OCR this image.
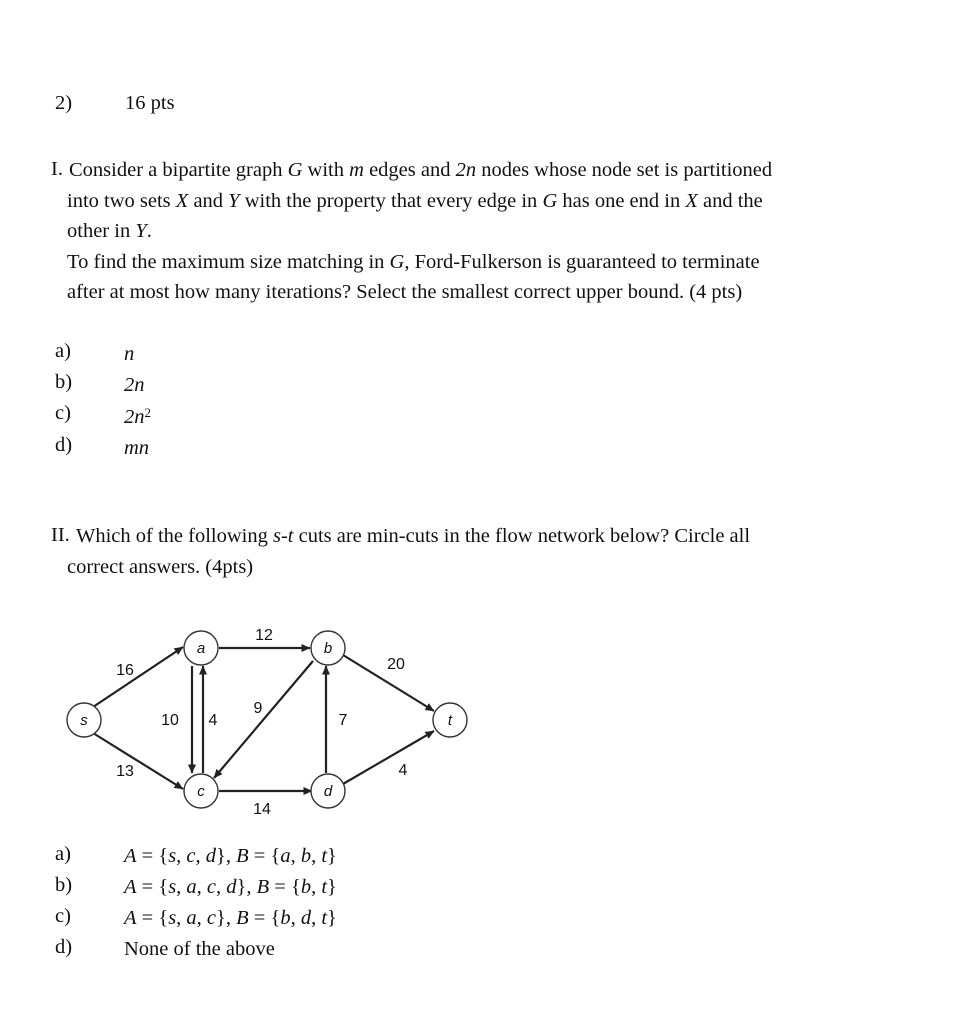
2)	16 pts
I. Consider a bipartite graph G with m edges and 2n nodes whose node set is partitioned
into two sets X and Y with the property that every edge in G has one end in X and the
other in Y.
To find the maximum size matching in G, Ford-Fulkerson is guaranteed to terminate
after at most how many iterations? Select the smallest correct upper bound. (4 pts)
a)	n
b)	2n
c)	$2n^2$
d)	mn
II. Which of the following s-t cuts are min-cuts in the flow network below? Circle all
correct answers. (4pts)
s
a	b
c	d
t
16
13
12
10 4
9
14
7
20
4
a)	A = {s, c, d}, B = {a, b, t}
b)	A = {s, a, c, d}, B = {b, t}
c)	A = {s, a, c}, B = {b, d, t}
d)	None of the above
